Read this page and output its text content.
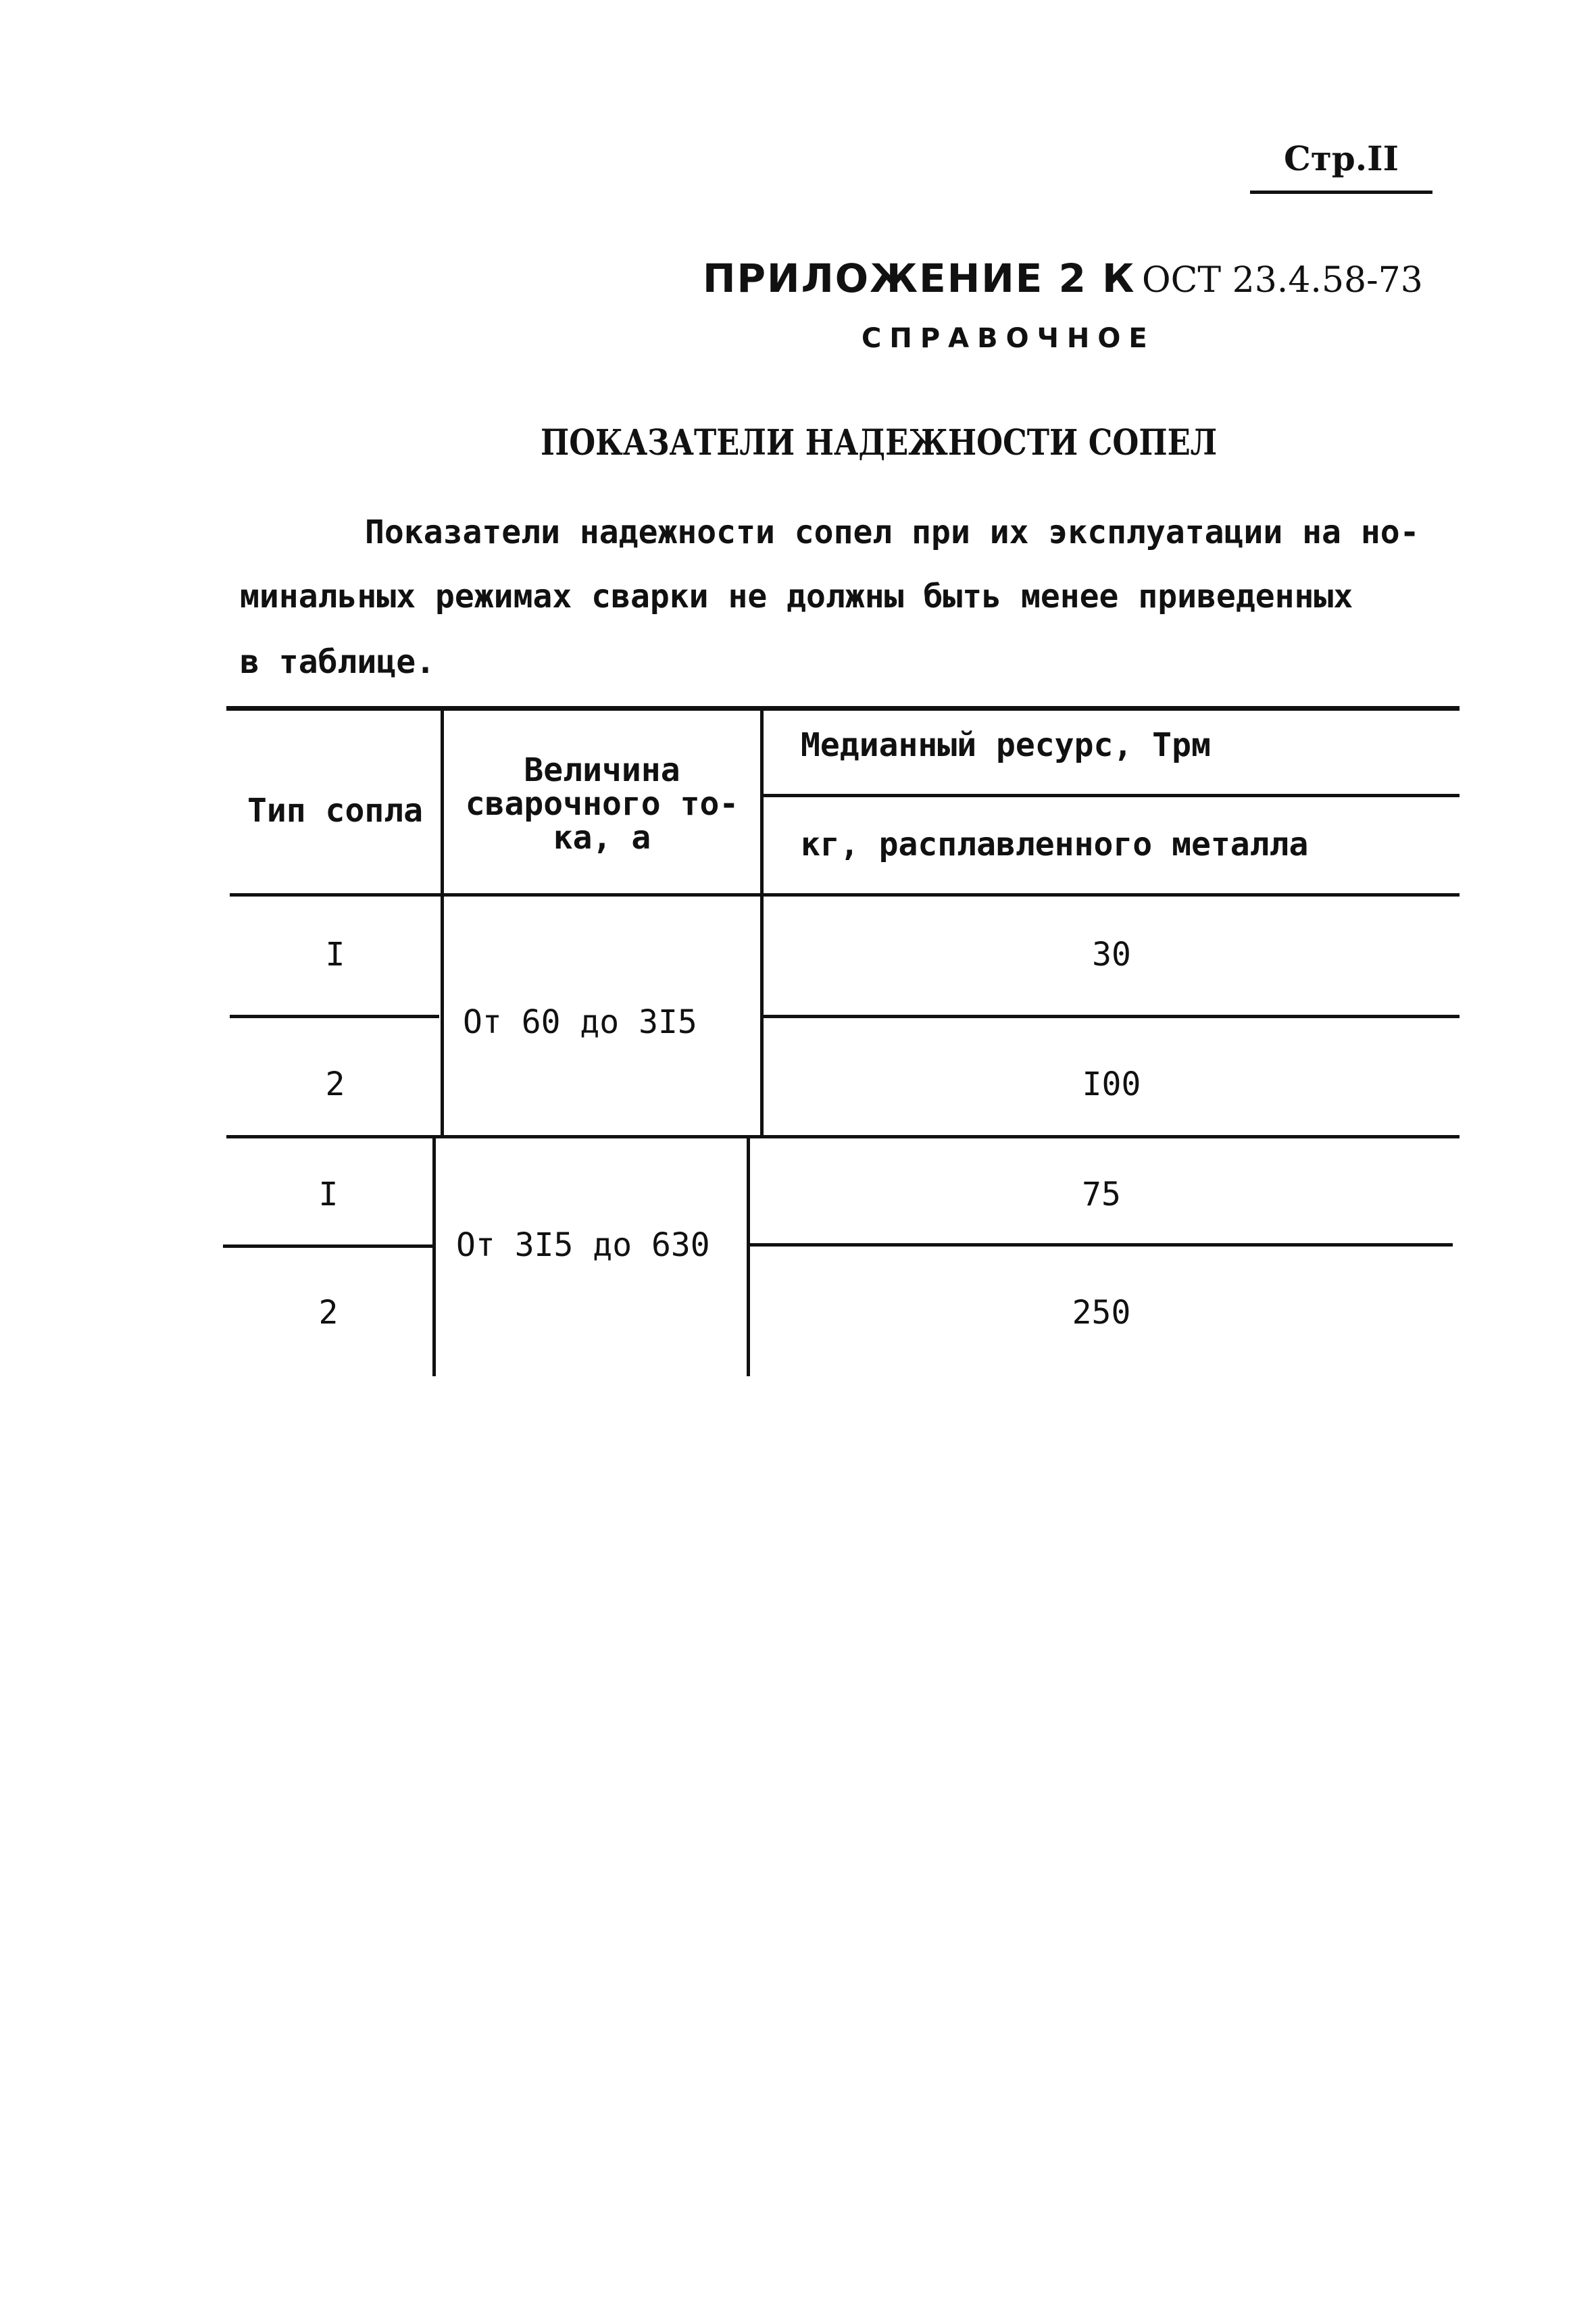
Стр.II
ПРИЛОЖЕНИЕ 2 К ОСТ 23.4.58-73
СПРАВОЧНОЕ
ПОКАЗАТЕЛИ НАДЕЖНОСТИ СОПЕЛ
Показатели надежности сопел при их эксплуатации на но-
минальных режимах сварки не должны быть менее приведенных
в таблице.
Тип сопла
Величина
сварочного то-
ка, а
Медианный ресурс, Трм
кг, расплавленного металла
I
От 60 до 3I5
30
2	I00
I
От 3I5 до 630
75
2	250
